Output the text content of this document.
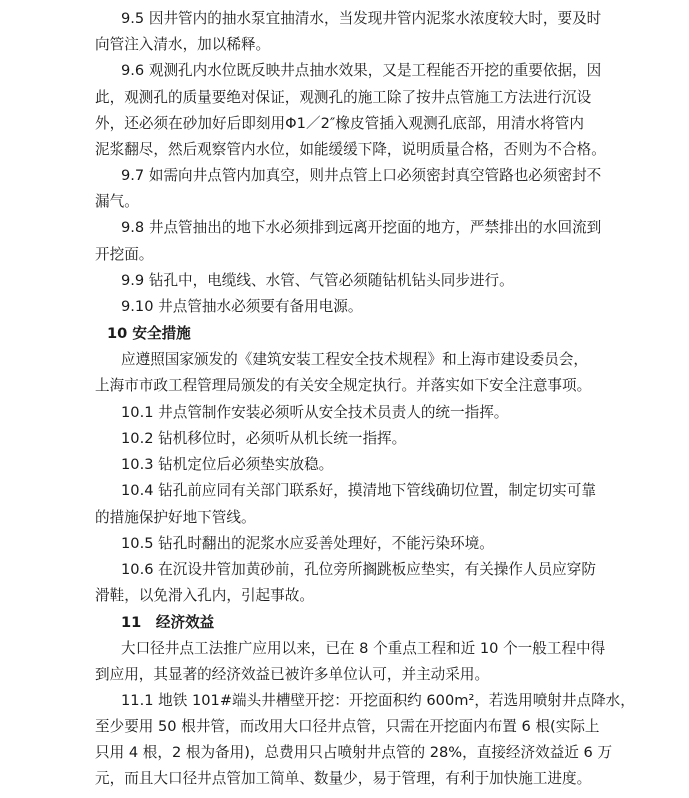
9.5 因井管内的抽水泵宜抽清水，当发现井管内泥浆水浓度较大时，要及时
向管注入清水，加以稀释。
9.6 观测孔内水位既反映井点抽水效果，又是工程能否开挖的重要依据，因
此，观测孔的质量要绝对保证，观测孔的施工除了按井点管施工方法进行沉设
外，还必须在砂加好后即刻用Φ1／2″橡皮管插入观测孔底部，用清水将管内
泥浆翻尽，然后观察管内水位，如能缓缓下降，说明质量合格，否则为不合格。
9.7 如需向井点管内加真空，则井点管上口必须密封真空管路也必须密封不
漏气。
9.8 井点管抽出的地下水必须排到远离开挖面的地方，严禁排出的水回流到
开挖面。
9.9 钻孔中，电缆线、水管、气管必须随钻机钻头同步进行。
9.10 井点管抽水必须要有备用电源。
10 安全措施
应遵照国家颁发的《建筑安装工程安全技术规程》和上海市建设委员会，
上海市市政工程管理局颁发的有关安全规定执行。并落实如下安全注意事项。
10.1 井点管制作安装必须听从安全技术员责人的统一指挥。
10.2 钻机移位时，必须听从机长统一指挥。
10.3 钻机定位后必须垫实放稳。
10.4 钻孔前应同有关部门联系好，摸清地下管线确切位置，制定切实可靠
的措施保护好地下管线。
10.5 钻孔时翻出的泥浆水应妥善处理好，不能污染环境。
10.6 在沉设井管加黄砂前，孔位旁所搁跳板应垫实，有关操作人员应穿防
滑鞋，以免滑入孔内，引起事故。
11　经济效益
大口径井点工法推广应用以来，已在 8 个重点工程和近 10 个一般工程中得
到应用，其显著的经济效益已被许多单位认可，并主动采用。
11.1 地铁 101#端头井槽壁开挖：开挖面积约 600m²，若选用喷射井点降水，
至少要用 50 根井管，而改用大口径井点管，只需在开挖面内布置 6 根(实际上
只用 4 根，2 根为备用)，总费用只占喷射井点管的 28%，直接经济效益近 6 万
元，而且大口径井点管加工简单、数量少，易于管理，有利于加快施工进度。
